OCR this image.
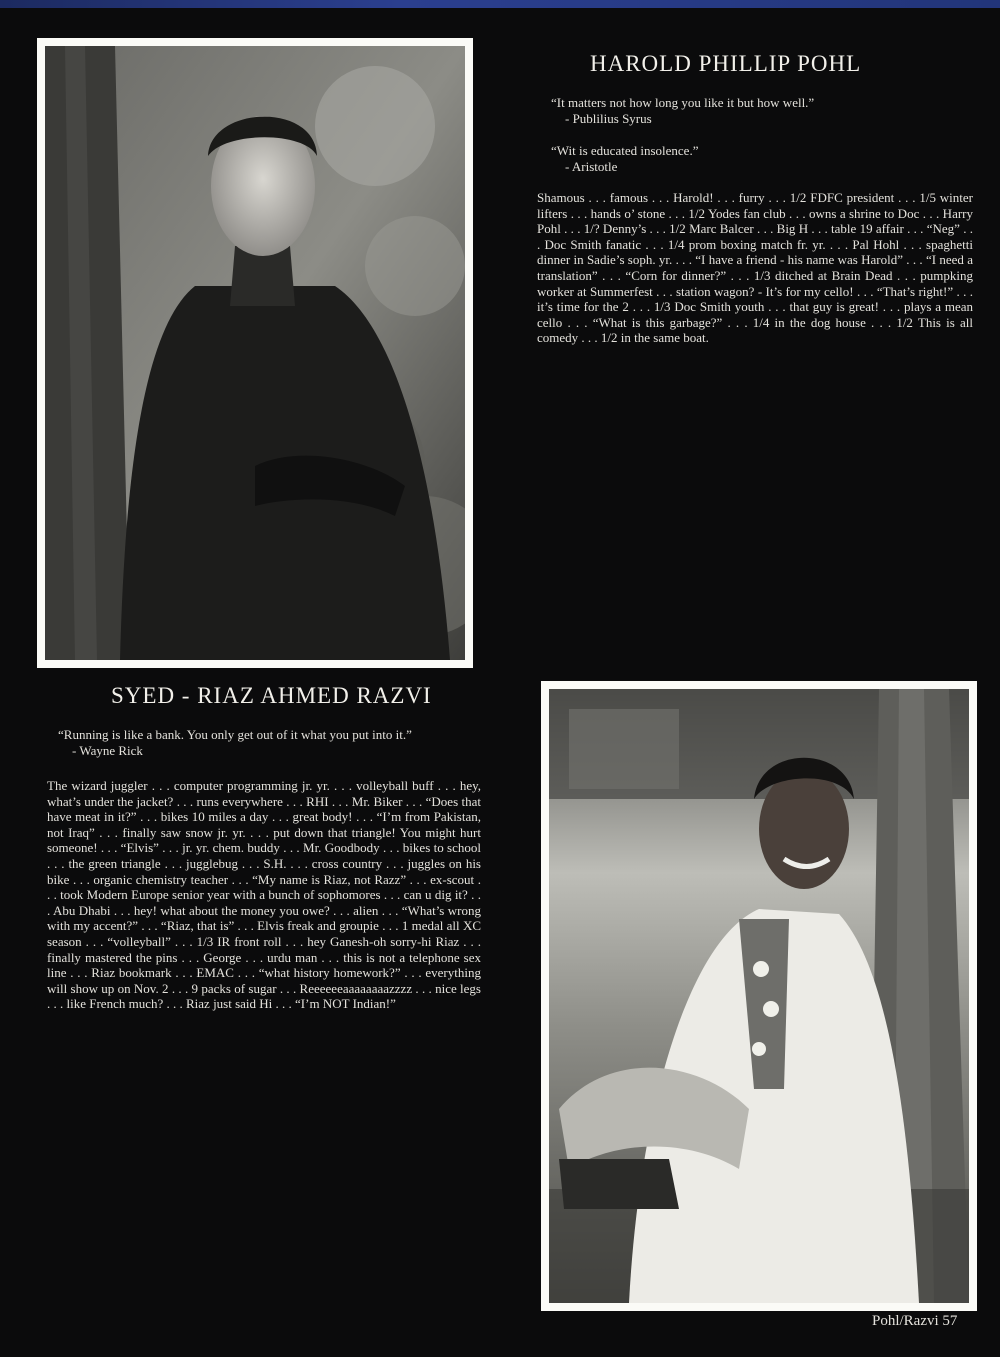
HAROLD PHILLIP POHL
“It matters not how long you like it but how well.”
- Publilius Syrus
“Wit is educated insolence.”
- Aristotle

Shamous . . . famous . . . Harold! . . . furry . . . 1/2 FDFC president . . . 1/5 winter lifters . . . hands o’ stone . . . 1/2 Yodes fan club . . . owns a shrine to Doc . . . Harry Pohl . . . 1/? Denny’s . . . 1/2 Marc Balcer . . . Big H . . . table 19 affair . . . “Neg” . . . Doc Smith fanatic . . . 1/4 prom boxing match fr. yr. . . . Pal Hohl . . . spaghetti dinner in Sadie’s soph. yr. . . . “I have a friend - his name was Harold” . . . “I need a translation” . . . “Corn for dinner?” . . . 1/3 ditched at Brain Dead . . . pumpking worker at Summerfest . . . station wagon? - It’s for my cello! . . . “That’s right!” . . . it’s time for the 2 . . . 1/3 Doc Smith youth . . . that guy is great! . . . plays a mean cello . . . “What is this garbage?” . . . 1/4 in the dog house . . . 1/2 This is all comedy . . . 1/2 in the same boat.

SYED - RIAZ AHMED RAZVI
“Running is like a bank. You only get out of it what you put into it.”
- Wayne Rick

The wizard juggler . . . computer programming jr. yr. . . . volleyball buff . . . hey, what’s under the jacket? . . . runs everywhere . . . RHI . . . Mr. Biker . . . “Does that have meat in it?” . . . bikes 10 miles a day . . . great body! . . . “I’m from Pakistan, not Iraq” . . . finally saw snow jr. yr. . . . put down that triangle! You might hurt someone! . . . “Elvis” . . . jr. yr. chem. buddy . . . Mr. Goodbody . . . bikes to school . . . the green triangle . . . jugglebug . . . S.H. . . . cross country . . . juggles on his bike . . . organic chemistry teacher . . . “My name is Riaz, not Razz” . . . ex-scout . . . took Modern Europe senior year with a bunch of sophomores . . . can u dig it? . . . Abu Dhabi . . . hey! what about the money you owe? . . . alien . . . “What’s wrong with my accent?” . . . “Riaz, that is” . . . Elvis freak and groupie . . . 1 medal all XC season . . . “volleyball” . . . 1/3 IR front roll . . . hey Ganesh-oh sorry-hi Riaz . . . finally mastered the pins . . . George . . . urdu man . . . this is not a telephone sex line . . . Riaz bookmark . . . EMAC . . . “what history homework?” . . . everything will show up on Nov. 2 . . . 9 packs of sugar . . . Reeeeeeaaaaaaaazzzz . . . nice legs . . . like French much? . . . Riaz just said Hi . . . “I’m NOT Indian!”

Pohl/Razvi 57
